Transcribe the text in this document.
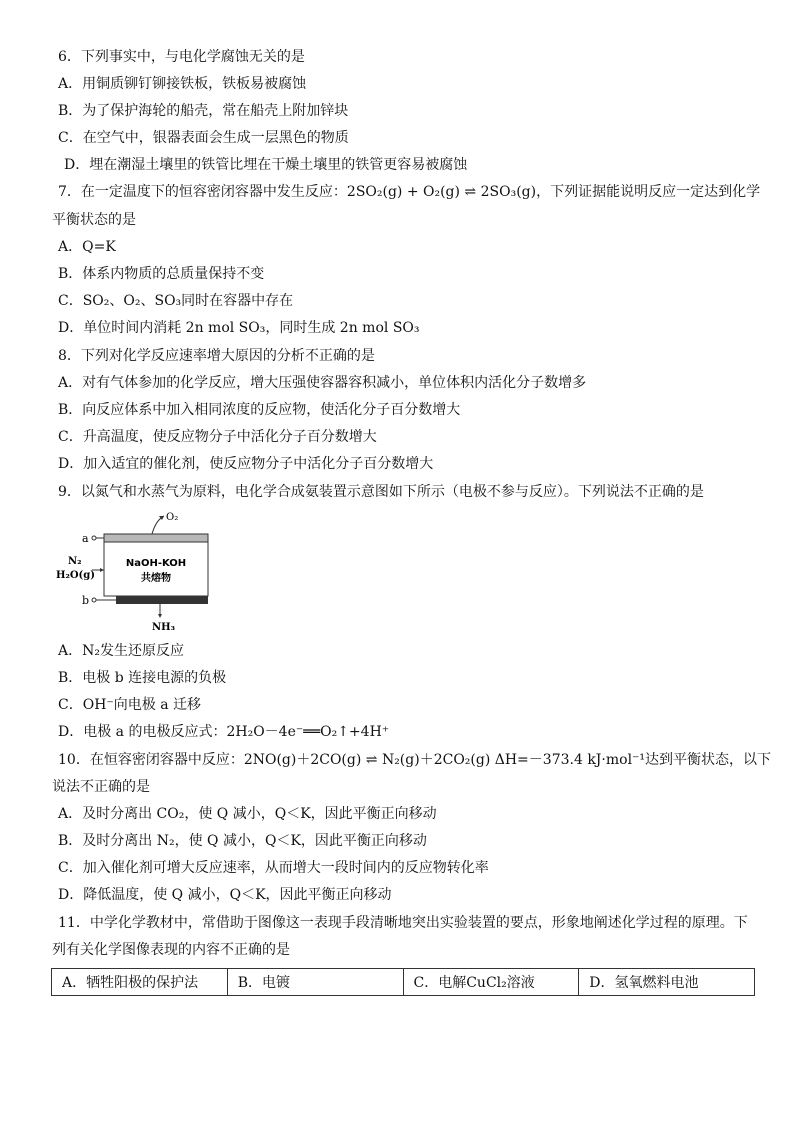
6．下列事实中，与电化学腐蚀无关的是
A．用铜质铆钉铆接铁板，铁板易被腐蚀
B．为了保护海轮的船壳，常在船壳上附加锌块
C．在空气中，银器表面会生成一层黑色的物质
D．埋在潮湿土壤里的铁管比埋在干燥土壤里的铁管更容易被腐蚀
7．在一定温度下的恒容密闭容器中发生反应：2SO₂(g) + O₂(g) ⇌ 2SO₃(g)，下列证据能说明反应一定达到化学
平衡状态的是
A．Q=K
B．体系内物质的总质量保持不变
C．SO₂、O₂、SO₃同时在容器中存在
D．单位时间内消耗 2n mol SO₃，同时生成 2n mol SO₃
8．下列对化学反应速率增大原因的分析不正确的是
A．对有气体参加的化学反应，增大压强使容器容积减小，单位体积内活化分子数增多
B．向反应体系中加入相同浓度的反应物，使活化分子百分数增大
C．升高温度，使反应物分子中活化分子百分数增大
D．加入适宜的催化剂，使反应物分子中活化分子百分数增大
9．以氮气和水蒸气为原料，电化学合成氨装置示意图如下所示（电极不参与反应）。下列说法不正确的是
a
O₂
NaOH-KOH
共熔物
b
N₂
H₂O(g)
NH₃
A．N₂发生还原反应
B．电极 b 连接电源的负极
C．OH⁻向电极 a 迁移
D．电极 a 的电极反应式：2H₂O－4e⁻══O₂↑+4H⁺
10．在恒容密闭容器中反应：2NO(g)＋2CO(g) ⇌ N₂(g)＋2CO₂(g) ΔH=－373.4 kJ·mol⁻¹达到平衡状态，以下
说法不正确的是
A．及时分离出 CO₂，使 Q 减小，Q＜K，因此平衡正向移动
B．及时分离出 N₂，使 Q 减小，Q＜K，因此平衡正向移动
C．加入催化剂可增大反应速率，从而增大一段时间内的反应物转化率
D．降低温度，使 Q 减小，Q＜K，因此平衡正向移动
11．中学化学教材中，常借助于图像这一表现手段清晰地突出实验装置的要点，形象地阐述化学过程的原理。下
列有关化学图像表现的内容不正确的是
A．牺牲阳极的保护法	B．电镀	C．电解CuCl₂溶液	D．氢氧燃料电池
